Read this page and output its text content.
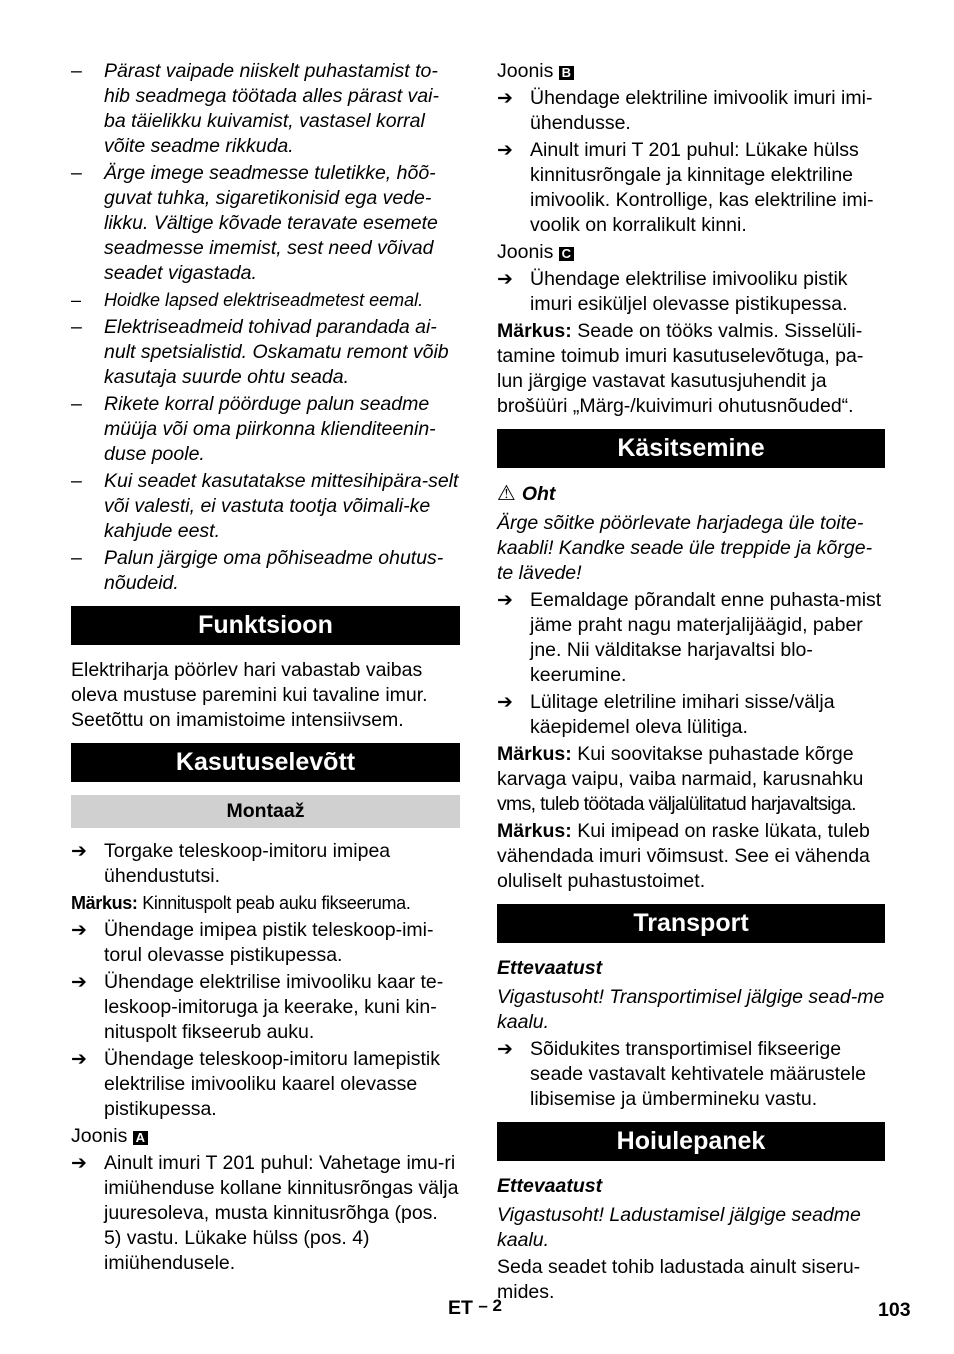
– Pärast vaipade niiskelt puhastamist to-hib seadmega töötada alles pärast vai-ba täielikku kuivamist, vastasel korral võite seadme rikkuda.
– Ärge imege seadmesse tuletikke, hõõ-guvat tuhka, sigaretikonisid ega vede-likku. Vältige kõvade teravate esemete seadmesse imemist, sest need võivad seadet vigastada.
– Hoidke lapsed elektriseadmetest eemal.
– Elektriseadmeid tohivad parandada ai-nult spetsialistid. Oskamatu remont võib kasutaja suurde ohtu seada.
– Rikete korral pöörduge palun seadme müüja või oma piirkonna klienditeenin-duse poole.
– Kui seadet kasutatakse mittesihipära-selt või valesti, ei vastuta tootja võimali-ke kahjude eest.
– Palun järgige oma põhiseadme ohutus-nõudeid.
Funktsioon
Elektriharja pöörlev hari vabastab vaibas oleva mustuse paremini kui tavaline imur. Seetõttu on imamistoime intensiivsem.
Kasutuselevõtt
Montaaž
➔ Torgake teleskoop-imitoru imipea ühendustutsi.
Märkus: Kinnituspolt peab auku fikseeruma.
➔ Ühendage imipea pistik teleskoop-imi-torul olevasse pistikupessa.
➔ Ühendage elektrilise imivooliku kaar te-leskoop-imitoruga ja keerake, kuni kin-nituspolt fikseerub auku.
➔ Ühendage teleskoop-imitoru lamepistik elektrilise imivooliku kaarel olevasse pistikupessa.
Joonis A
➔ Ainult imuri T 201 puhul: Vahetage imu-ri imiühenduse kollane kinnitusrõngas välja juuresoleva, musta kinnitusrõhga (pos. 5) vastu. Lükake hülss (pos. 4) imiühendusele.
Joonis B
➔ Ühendage elektriline imivoolik imuri imi-ühendusse.
➔ Ainult imuri T 201 puhul: Lükake hülss kinnitusrõngale ja kinnitage elektriline imivoolik. Kontrollige, kas elektriline imi-voolik on korralikult kinni.
Joonis C
➔ Ühendage elektrilise imivooliku pistik imuri esiküljel olevasse pistikupessa.
Märkus: Seade on tööks valmis. Sisselüli-tamine toimub imuri kasutuselevõtuga, pa-lun järgige vastavat kasutusjuhendit ja brošüüri „Märg-/kuivimuri ohutusnõuded“.
Käsitsemine
⚠ Oht
Ärge sõitke pöörlevate harjadega üle toite-kaabli! Kandke seade üle treppide ja kõrge-te lävede!
➔ Eemaldage põrandalt enne puhasta-mist jäme praht nagu materjalijäägid, paber jne. Nii välditakse harjavaltsi blo-keerumine.
➔ Lülitage eletriline imihari sisse/välja käepidemel oleva lülitiga.
Märkus: Kui soovitakse puhastade kõrge karvaga vaipu, vaiba narmaid, karusnahku
vms, tuleb töötada väljalülitatud harjavaltsiga.
Märkus: Kui imipead on raske lükata, tuleb vähendada imuri võimsust. See ei vähenda oluliselt puhastustoimet.
Transport
Ettevaatust
Vigastusoht! Transportimisel jälgige sead-me kaalu.
➔ Sõidukites transportimisel fikseerige seade vastavalt kehtivatele määrustele libisemise ja ümbermineku vastu.
Hoiulepanek
Ettevaatust
Vigastusoht! Ladustamisel jälgige seadme kaalu.
Seda seadet tohib ladustada ainult siseru-mides.
ET – 2	103
